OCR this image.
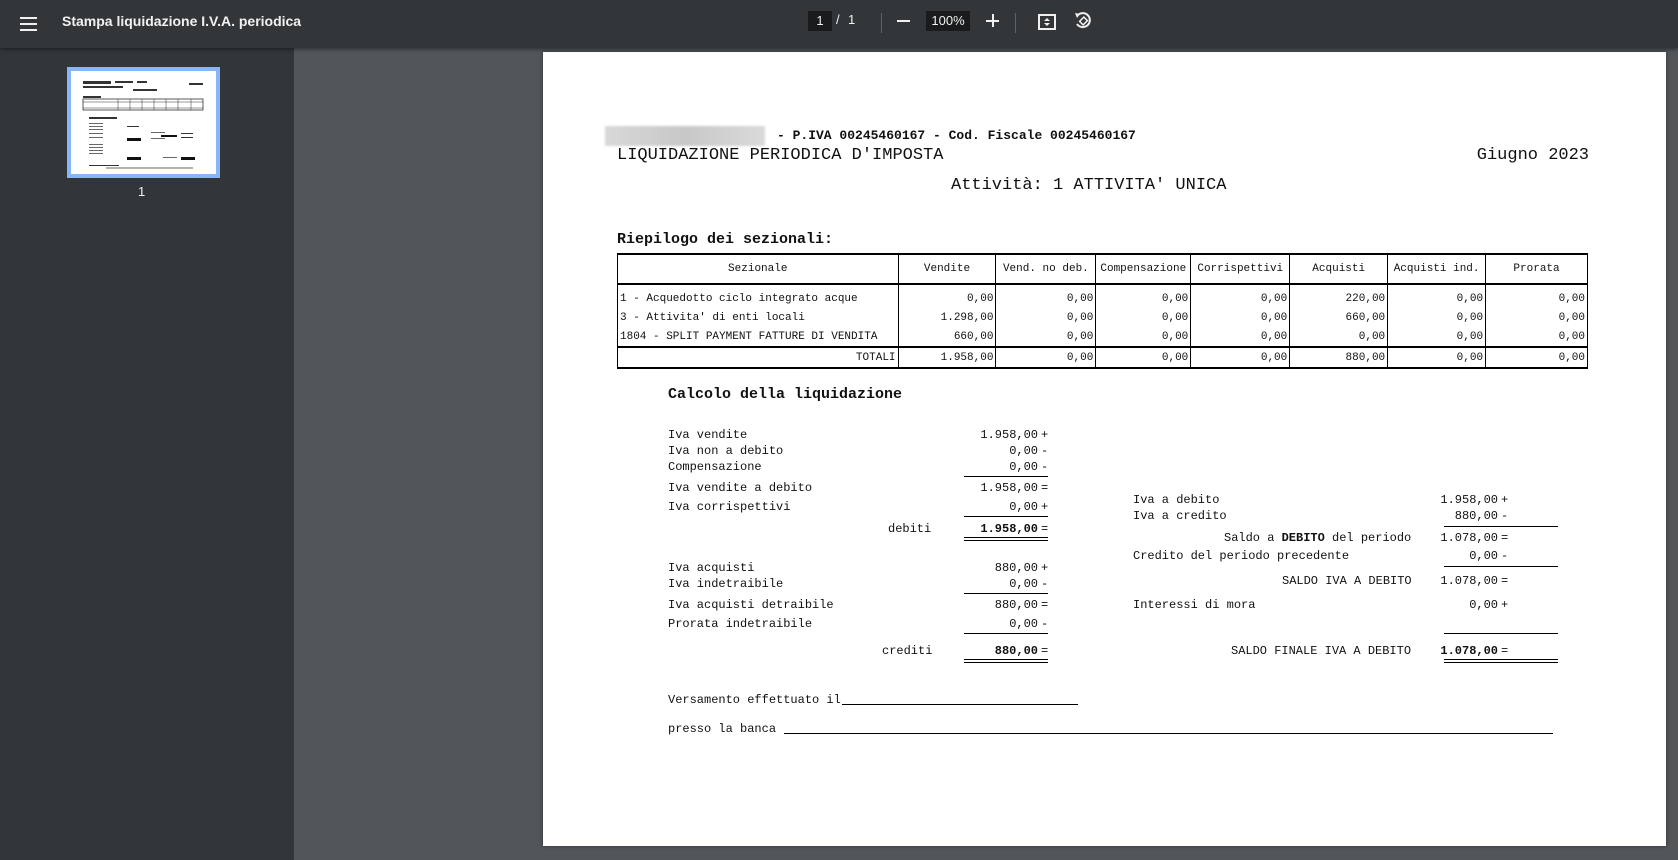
Stampa liquidazione I.V.A. periodica	1 / 1	100%
1
- P.IVA 00245460167 - Cod. Fiscale 00245460167
LIQUIDAZIONE PERIODICA D'IMPOSTA	Giugno 2023
Attività: 1 ATTIVITA' UNICA
Riepilogo dei sezionali:
Sezionale	Vendite	Vend. no deb.	Compensazione	Corrispettivi	Acquisti	Acquisti ind.	Prorata
1 - Acquedotto ciclo integrato acque	0,00	0,00	0,00	0,00	220,00	0,00	0,00
3 - Attivita' di enti locali	1.298,00	0,00	0,00	0,00	660,00	0,00	0,00
1804 - SPLIT PAYMENT FATTURE DI VENDITA	660,00	0,00	0,00	0,00	0,00	0,00	0,00
TOTALI	1.958,00	0,00	0,00	0,00	880,00	0,00	0,00
Calcolo della liquidazione
Iva vendite	1.958,00 +
Iva non a debito	0,00 -
Compensazione	0,00 -
Iva vendite a debito	1.958,00 =
Iva corrispettivi	0,00 +
debiti	1.958,00 =
Iva acquisti	880,00 +
Iva indetraibile	0,00 -
Iva acquisti detraibile	880,00 =
Prorata indetraibile	0,00 -
crediti	880,00 =
Iva a debito	1.958,00 +
Iva a credito	880,00 -
Saldo a DEBITO del periodo	1.078,00 =
Credito del periodo precedente	0,00 -
SALDO IVA A DEBITO	1.078,00 =
Interessi di mora	0,00 +
SALDO FINALE IVA A DEBITO	1.078,00 =
Versamento effettuato il
presso la banca
